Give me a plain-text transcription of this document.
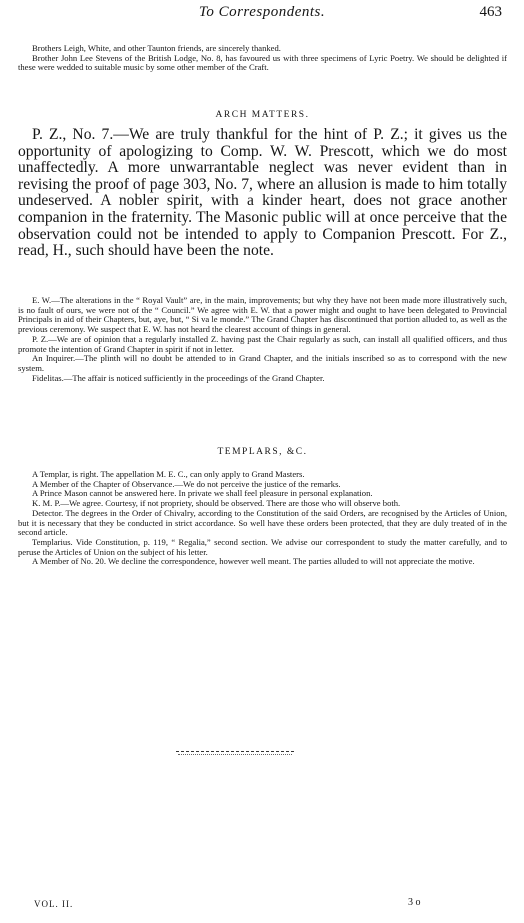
To Correspondents.	463

Brothers Leigh, White, and other Taunton friends, are sincerely thanked.

Brother John Lee Stevens of the British Lodge, No. 8, has favoured us with three specimens of Lyric Poetry. We should be delighted if these were wedded to suitable music by some other member of the Craft.

ARCH MATTERS.

P. Z., No. 7.—We are truly thankful for the hint of P. Z.; it gives us the opportunity of apologizing to Comp. W. W. Prescott, which we do most unaffectedly. A more unwarrantable neglect was never evident than in revising the proof of page 303, No. 7, where an allusion is made to him totally undeserved. A nobler spirit, with a kinder heart, does not grace another companion in the fraternity. The Masonic public will at once perceive that the observation could not be intended to apply to Companion Prescott. For Z., read, H., such should have been the note.

E. W.—The alterations in the “ Royal Vault” are, in the main, improvements; but why they have not been made more illustratively such, is no fault of ours, we were not of the “ Council.” We agree with E. W. that a power might and ought to have been delegated to Provincial Principals in aid of their Chapters, but, aye, but, “ Si va le monde.” The Grand Chapter has discontinued that portion alluded to, as well as the previous ceremony. We suspect that E. W. has not heard the clearest account of things in general.

P. Z.—We are of opinion that a regularly installed Z. having past the Chair regularly as such, can install all qualified officers, and thus promote the intention of Grand Chapter in spirit if not in letter.

An Inquirer.—The plinth will no doubt be attended to in Grand Chapter, and the initials inscribed so as to correspond with the new system.

Fidelitas.—The affair is noticed sufficiently in the proceedings of the Grand Chapter.

TEMPLARS, &C.

A Templar, is right. The appellation M. E. C., can only apply to Grand Masters.

A Member of the Chapter of Observance.—We do not perceive the justice of the remarks.

A Prince Mason cannot be answered here. In private we shall feel pleasure in personal explanation.

K. M. P.—We agree. Courtesy, if not propriety, should be observed. There are those who will observe both.

Detector. The degrees in the Order of Chivalry, according to the Constitution of the said Orders, are recognised by the Articles of Union, but it is necessary that they be conducted in strict accordance. So well have these orders been protected, that they are duly treated of in the second article.

Templarius. Vide Constitution, p. 119, “ Regalia,” second section. We advise our correspondent to study the matter carefully, and to peruse the Articles of Union on the subject of his letter.

A Member of No. 20. We decline the correspondence, however well meant. The parties alluded to will not appreciate the motive.

VOL. II.	3 o
